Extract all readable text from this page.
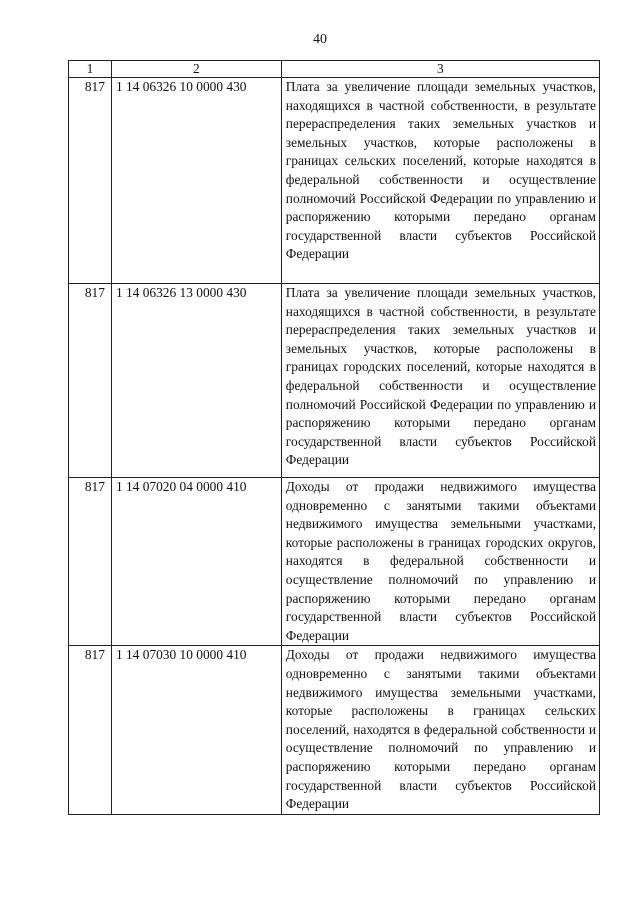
40
1	2	3
817	1 14 06326 10 0000 430	Плата за увеличение площади земельных участков, находящихся в частной собственности, в результате перераспределения таких земельных участков и земельных участков, которые расположены в границах сельских поселений, которые находятся в федеральной собственности и осуществление полномочий Российской Федерации по управлению и распоряжению которыми передано органам государственной власти субъектов Российской Федерации
817	1 14 06326 13 0000 430	Плата за увеличение площади земельных участков, находящихся в частной собственности, в результате перераспределения таких земельных участков и земельных участков, которые расположены в границах городских поселений, которые находятся в федеральной собственности и осуществление полномочий Российской Федерации по управлению и распоряжению которыми передано органам государственной власти субъектов Российской Федерации
817	1 14 07020 04 0000 410	Доходы от продажи недвижимого имущества одновременно с занятыми такими объектами недвижимого имущества земельными участками, которые расположены в границах городских округов, находятся в федеральной собственности и осуществление полномочий по управлению и распоряжению которыми передано органам государственной власти субъектов Российской Федерации
817	1 14 07030 10 0000 410	Доходы от продажи недвижимого имущества одновременно с занятыми такими объектами недвижимого имущества земельными участками, которые расположены в границах сельских поселений, находятся в федеральной собственности и осуществление полномочий по управлению и распоряжению которыми передано органам государственной власти субъектов Российской Федерации
